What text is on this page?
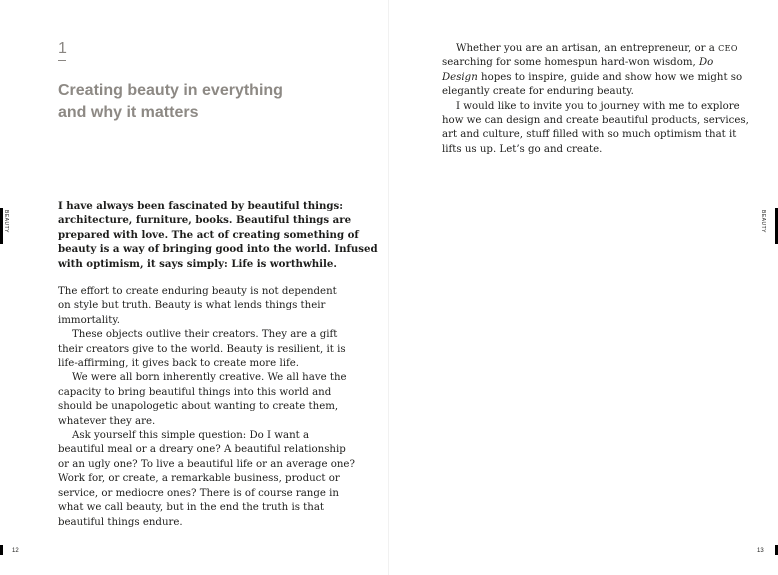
1
Creating beauty in everything
and why it matters
BEAUTY
I have always been fascinated by beautiful things:
architecture, furniture, books. Beautiful things are
prepared with love. The act of creating something of
beauty is a way of bringing good into the world. Infused
with optimism, it says simply: Life is worthwhile.
The effort to create enduring beauty is not dependent
on style but truth. Beauty is what lends things their
immortality.
These objects outlive their creators. They are a gift
their creators give to the world. Beauty is resilient, it is
life-affirming, it gives back to create more life.
We were all born inherently creative. We all have the
capacity to bring beautiful things into this world and
should be unapologetic about wanting to create them,
whatever they are.
Ask yourself this simple question: Do I want a
beautiful meal or a dreary one? A beautiful relationship
or an ugly one? To live a beautiful life or an average one?
Work for, or create, a remarkable business, product or
service, or mediocre ones? There is of course range in
what we call beauty, but in the end the truth is that
beautiful things endure.
12
Whether you are an artisan, an entrepreneur, or a CEO
searching for some homespun hard-won wisdom, Do
Design hopes to inspire, guide and show how we might so
elegantly create for enduring beauty.
I would like to invite you to journey with me to explore
how we can design and create beautiful products, services,
art and culture, stuff filled with so much optimism that it
lifts us up. Let’s go and create.
BEAUTY
13
